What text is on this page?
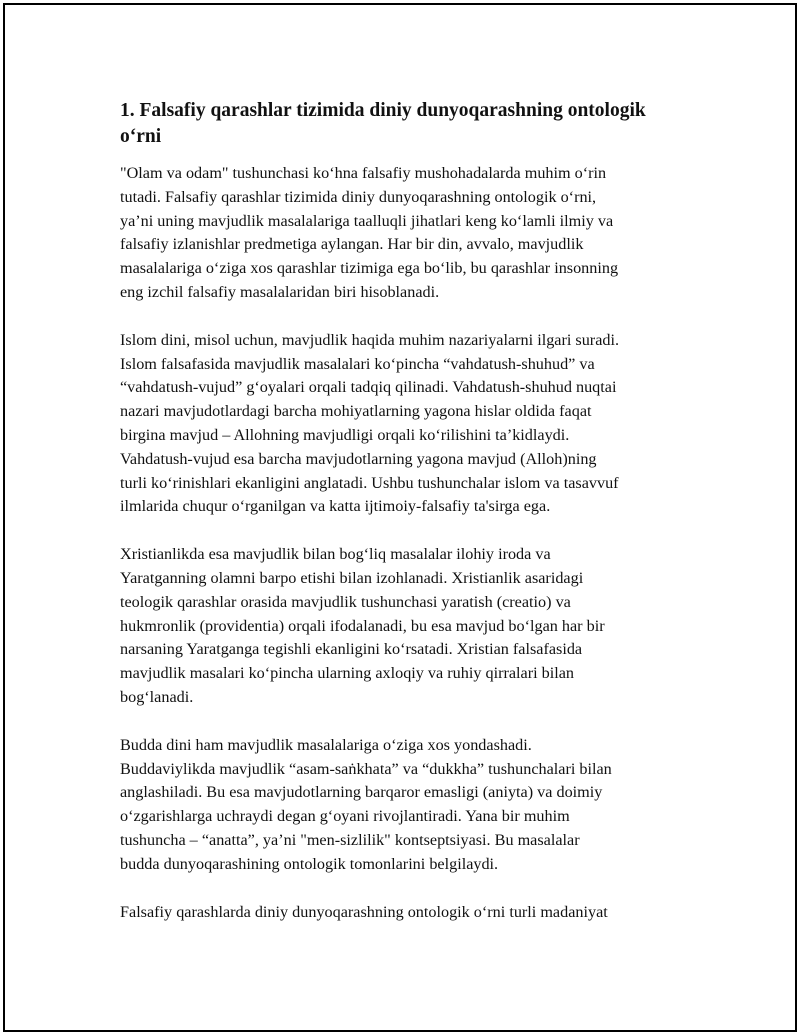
1. Falsafiy qarashlar tizimida diniy dunyoqarashning ontologik
o‘rni

"Olam va odam" tushunchasi ko‘hna falsafiy mushohadalarda muhim o‘rin
tutadi. Falsafiy qarashlar tizimida diniy dunyoqarashning ontologik o‘rni,
ya’ni uning mavjudlik masalalariga taalluqli jihatlari keng ko‘lamli ilmiy va
falsafiy izlanishlar predmetiga aylangan. Har bir din, avvalo, mavjudlik
masalalariga o‘ziga xos qarashlar tizimiga ega bo‘lib, bu qarashlar insonning
eng izchil falsafiy masalalaridan biri hisoblanadi.

Islom dini, misol uchun, mavjudlik haqida muhim nazariyalarni ilgari suradi.
Islom falsafasida mavjudlik masalalari ko‘pincha “vahdatush-shuhud” va
“vahdatush-vujud” g‘oyalari orqali tadqiq qilinadi. Vahdatush-shuhud nuqtai
nazari mavjudotlardagi barcha mohiyatlarning yagona hislar oldida faqat
birgina mavjud – Allohning mavjudligi orqali ko‘rilishini ta’kidlaydi.
Vahdatush-vujud esa barcha mavjudotlarning yagona mavjud (Alloh)ning
turli ko‘rinishlari ekanligini anglatadi. Ushbu tushunchalar islom va tasavvuf
ilmlarida chuqur o‘rganilgan va katta ijtimoiy-falsafiy ta'sirga ega.

Xristianlikda esa mavjudlik bilan bog‘liq masalalar ilohiy iroda va
Yaratganning olamni barpo etishi bilan izohlanadi. Xristianlik asaridagi
teologik qarashlar orasida mavjudlik tushunchasi yaratish (creatio) va
hukmronlik (providentia) orqali ifodalanadi, bu esa mavjud bo‘lgan har bir
narsaning Yaratganga tegishli ekanligini ko‘rsatadi. Xristian falsafasida
mavjudlik masalari ko‘pincha ularning axloqiy va ruhiy qirralari bilan
bog‘lanadi.

Budda dini ham mavjudlik masalalariga o‘ziga xos yondashadi.
Buddaviylikda mavjudlik “asam-saṅkhata” va “dukkha” tushunchalari bilan
anglashiladi. Bu esa mavjudotlarning barqaror emasligi (aniyta) va doimiy
o‘zgarishlarga uchraydi degan g‘oyani rivojlantiradi. Yana bir muhim
tushuncha – “anatta”, ya’ni "men-sizlilik" kontseptsiyasi. Bu masalalar
budda dunyoqarashining ontologik tomonlarini belgilaydi.

Falsafiy qarashlarda diniy dunyoqarashning ontologik o‘rni turli madaniyat
